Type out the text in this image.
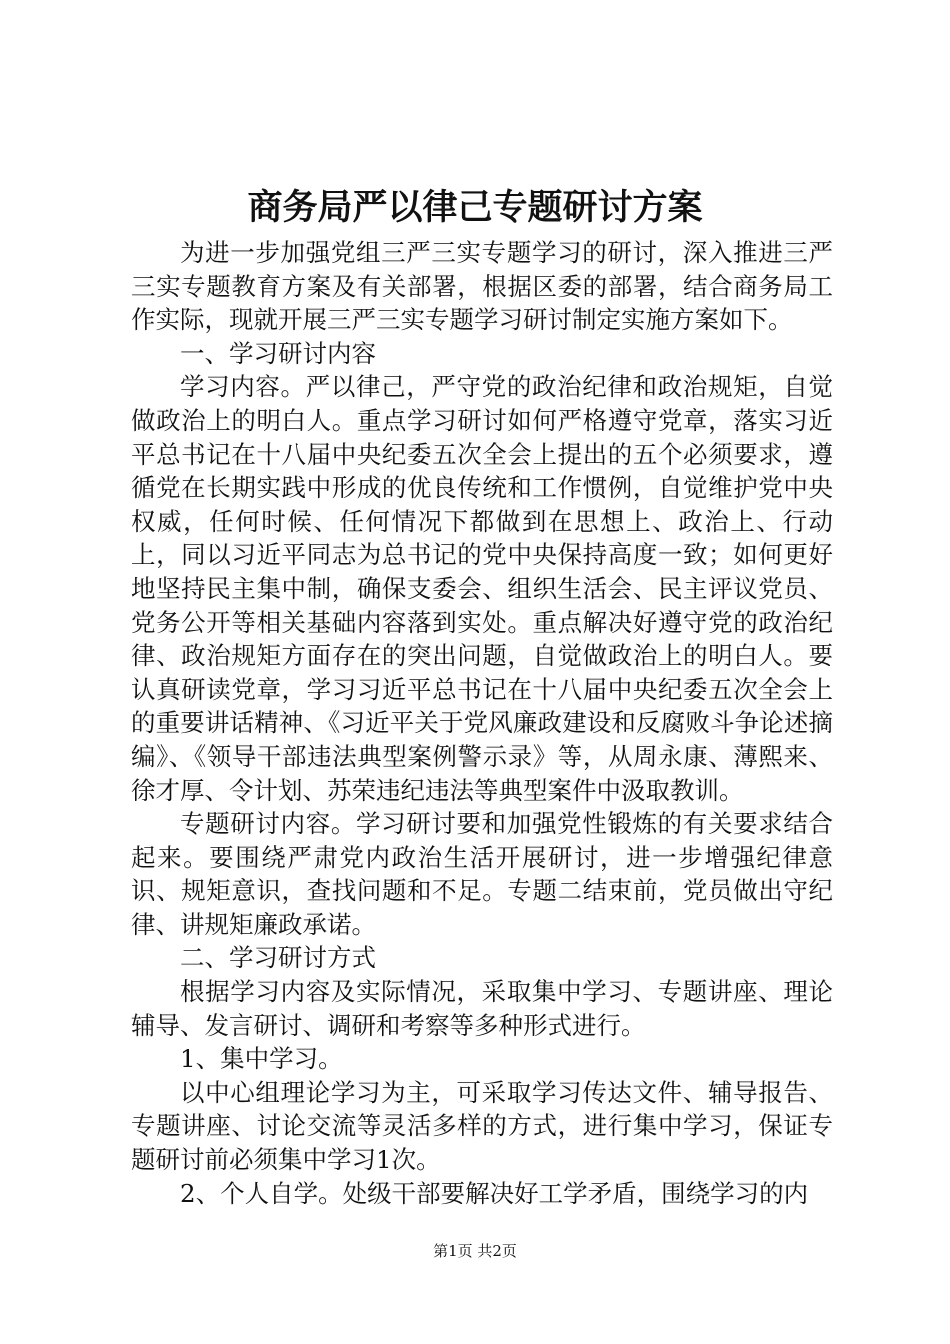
商务局严以律己专题研讨方案

为进一步加强党组三严三实专题学习的研讨，深入推进三严三实专题教育方案及有关部署，根据区委的部署，结合商务局工作实际，现就开展三严三实专题学习研讨制定实施方案如下。

一、学习研讨内容

学习内容。严以律己，严守党的政治纪律和政治规矩，自觉做政治上的明白人。重点学习研讨如何严格遵守党章，落实习近平总书记在十八届中央纪委五次全会上提出的五个必须要求，遵循党在长期实践中形成的优良传统和工作惯例，自觉维护党中央权威，任何时候、任何情况下都做到在思想上、政治上、行动上，同以习近平同志为总书记的党中央保持高度一致；如何更好地坚持民主集中制，确保支委会、组织生活会、民主评议党员、党务公开等相关基础内容落到实处。重点解决好遵守党的政治纪律、政治规矩方面存在的突出问题，自觉做政治上的明白人。要认真研读党章，学习习近平总书记在十八届中央纪委五次全会上的重要讲话精神、《习近平关于党风廉政建设和反腐败斗争论述摘编》、《领导干部违法典型案例警示录》等，从周永康、薄熙来、徐才厚、令计划、苏荣违纪违法等典型案件中汲取教训。

专题研讨内容。学习研讨要和加强党性锻炼的有关要求结合起来。要围绕严肃党内政治生活开展研讨，进一步增强纪律意识、规矩意识，查找问题和不足。专题二结束前，党员做出守纪律、讲规矩廉政承诺。

二、学习研讨方式

根据学习内容及实际情况，采取集中学习、专题讲座、理论辅导、发言研讨、调研和考察等多种形式进行。

1、集中学习。

以中心组理论学习为主，可采取学习传达文件、辅导报告、专题讲座、讨论交流等灵活多样的方式，进行集中学习，保证专题研讨前必须集中学习1次。

2、个人自学。处级干部要解决好工学矛盾，围绕学习的内

第1页 共2页
